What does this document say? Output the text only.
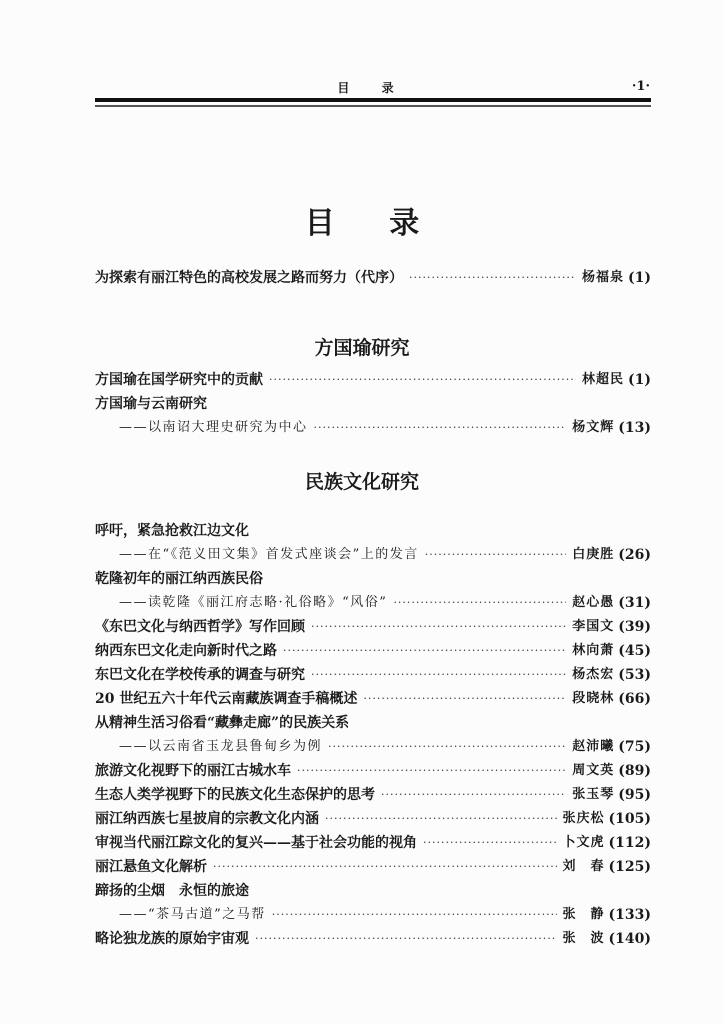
目 录	·1·
目 录
为探索有丽江特色的高校发展之路而努力（代序） ·····	杨福泉 (1)
方国瑜研究
方国瑜在国学研究中的贡献 ·····	林超民 (1)
方国瑜与云南研究
——以南诏大理史研究为中心 ·····	杨文辉 (13)
民族文化研究
呼吁，紧急抢救江边文化
——在“《范义田文集》首发式座谈会”上的发言 ·····	白庚胜 (26)
乾隆初年的丽江纳西族民俗
——读乾隆《丽江府志略·礼俗略》“风俗” ·····	赵心愚 (31)
《东巴文化与纳西哲学》写作回顾 ·····	李国文 (39)
纳西东巴文化走向新时代之路 ·····	林向萧 (45)
东巴文化在学校传承的调查与研究 ·····	杨杰宏 (53)
20 世纪五六十年代云南藏族调查手稿概述 ·····	段晓林 (66)
从精神生活习俗看“藏彝走廊”的民族关系
——以云南省玉龙县鲁甸乡为例 ·····	赵沛曦 (75)
旅游文化视野下的丽江古城水车 ·····	周文英 (89)
生态人类学视野下的民族文化生态保护的思考 ·····	张玉琴 (95)
丽江纳西族七星披肩的宗教文化内涵 ·····	张庆松 (105)
审视当代丽江踪文化的复兴——基于社会功能的视角 ·····	卜文虎 (112)
丽江悬鱼文化解析 ·····	刘　春 (125)
蹄扬的尘烟　永恒的旅途
——“茶马古道”之马帮 ·····	张　静 (133)
略论独龙族的原始宇宙观 ·····	张　波 (140)
